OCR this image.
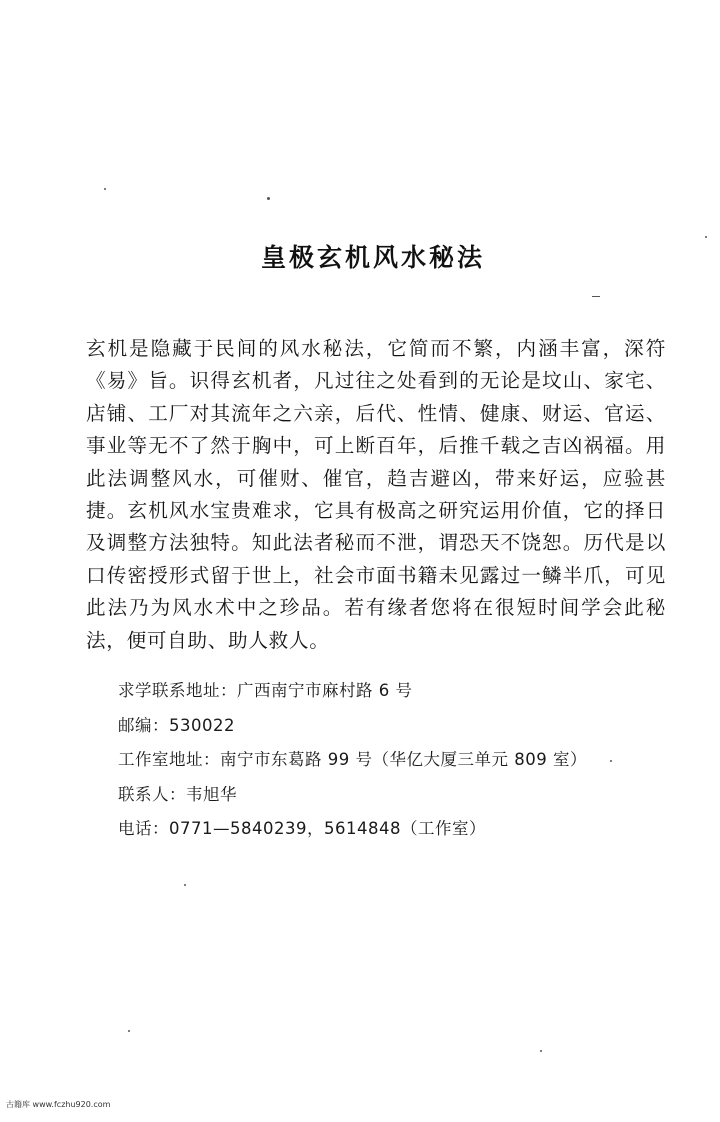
皇极玄机风水秘法

玄机是隐藏于民间的风水秘法，它简而不繁，内涵丰富，深符《易》旨。识得玄机者，凡过往之处看到的无论是坟山、家宅、店铺、工厂对其流年之六亲，后代、性情、健康、财运、官运、事业等无不了然于胸中，可上断百年，后推千载之吉凶祸福。用此法调整风水，可催财、催官，趋吉避凶，带来好运，应验甚捷。玄机风水宝贵难求，它具有极高之研究运用价值，它的择日及调整方法独特。知此法者秘而不泄，谓恐天不饶恕。历代是以口传密授形式留于世上，社会市面书籍未见露过一鳞半爪，可见此法乃为风水术中之珍品。若有缘者您将在很短时间学会此秘法，便可自助、助人救人。

求学联系地址：广西南宁市麻村路 6 号
邮编：530022
工作室地址：南宁市东葛路 99 号（华亿大厦三单元 809 室）
联系人：韦旭华
电话：0771—5840239，5614848（工作室）
古籍库 www.fczhu920.com
